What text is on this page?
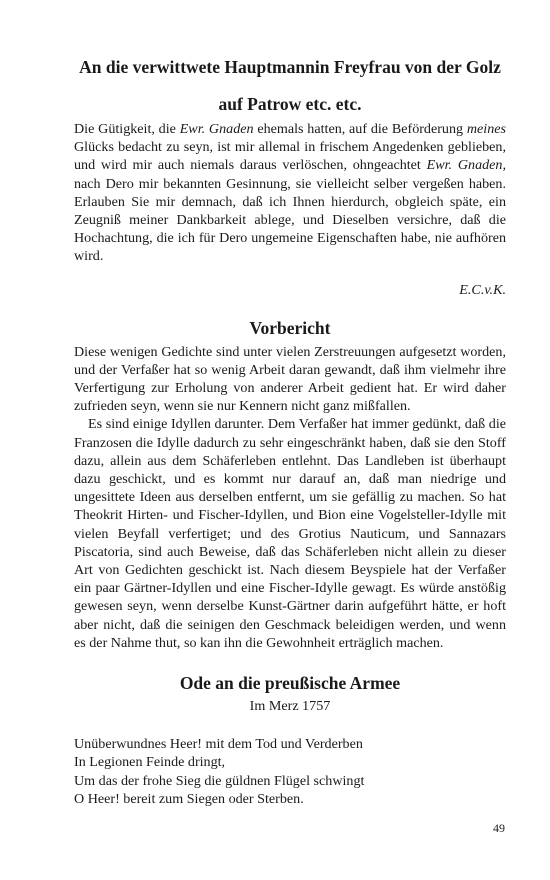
An die verwittwete Hauptmannin Freyfrau von der Golz
auf Patrow etc. etc.

Die Gütigkeit, die Ewr. Gnaden ehemals hatten, auf die Beförderung meines Glücks bedacht zu seyn, ist mir allemal in frischem Angedenken geblieben, und wird mir auch niemals daraus verlöschen, ohngeachtet Ewr. Gnaden, nach Dero mir bekannten Gesinnung, sie vielleicht selber vergeßen haben. Erlauben Sie mir demnach, daß ich Ihnen hierdurch, obgleich späte, ein Zeugniß meiner Dankbarkeit ablege, und Dieselben versichre, daß die Hochachtung, die ich für Dero ungemeine Eigenschaften habe, nie aufhören wird.

E.C.v.K.
Vorbericht

Diese wenigen Gedichte sind unter vielen Zerstreuungen aufgesetzt worden, und der Verfaßer hat so wenig Arbeit daran gewandt, daß ihm vielmehr ihre Verfertigung zur Erholung von anderer Arbeit gedient hat. Er wird daher zufrieden seyn, wenn sie nur Kennern nicht ganz mißfallen.

Es sind einige Idyllen darunter. Dem Verfaßer hat immer gedünkt, daß die Franzosen die Idylle dadurch zu sehr eingeschränkt haben, daß sie den Stoff dazu, allein aus dem Schäferleben entlehnt. Das Landleben ist überhaupt dazu geschickt, und es kommt nur darauf an, daß man niedrige und ungesittete Ideen aus derselben entfernt, um sie gefällig zu machen. So hat Theokrit Hirten- und Fischer-Idyllen, und Bion eine Vogelsteller-Idylle mit vielen Beyfall verfertiget; und des Grotius Nauticum, und Sannazars Piscatoria, sind auch Beweise, daß das Schäferleben nicht allein zu dieser Art von Gedichten geschickt ist. Nach diesem Beyspiele hat der Verfaßer ein paar Gärtner-Idyllen und eine Fischer-Idylle gewagt. Es würde anstößig gewesen seyn, wenn derselbe Kunst-Gärtner darin aufgeführt hätte, er hoft aber nicht, daß die seinigen den Geschmack beleidigen werden, und wenn es der Nahme thut, so kan ihn die Gewohnheit erträglich machen.

Ode an die preußische Armee
Im Merz 1757
Unüberwundnes Heer! mit dem Tod und Verderben
In Legionen Feinde dringt,
Um das der frohe Sieg die güldnen Flügel schwingt
O Heer! bereit zum Siegen oder Sterben.
49
